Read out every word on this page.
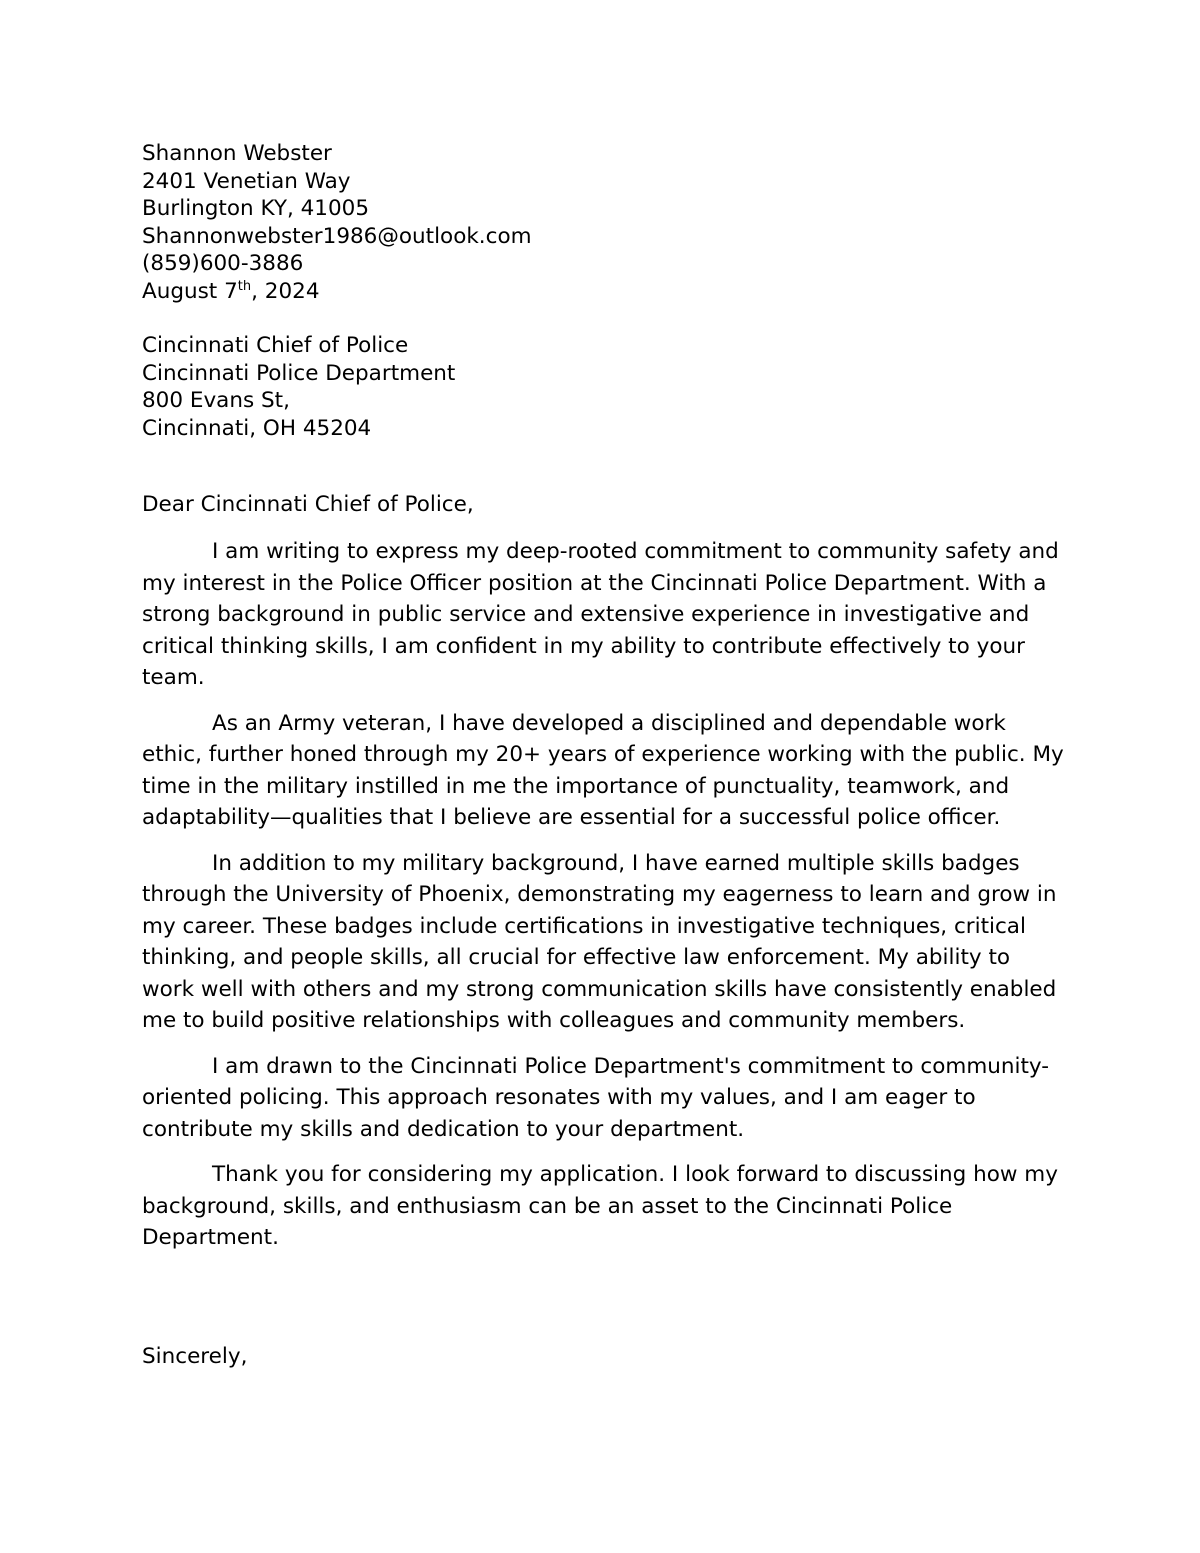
Shannon Webster
2401 Venetian Way
Burlington KY, 41005
Shannonwebster1986@outlook.com
(859)600-3886
August 7th, 2024
Cincinnati Chief of Police
Cincinnati Police Department
800 Evans St,
Cincinnati, OH 45204
Dear Cincinnati Chief of Police,

I am writing to express my deep-rooted commitment to community safety and my interest in the Police Officer position at the Cincinnati Police Department. With a strong background in public service and extensive experience in investigative and critical thinking skills, I am confident in my ability to contribute effectively to your team.

As an Army veteran, I have developed a disciplined and dependable work ethic, further honed through my 20+ years of experience working with the public. My time in the military instilled in me the importance of punctuality, teamwork, and adaptability—qualities that I believe are essential for a successful police officer.

In addition to my military background, I have earned multiple skills badges through the University of Phoenix, demonstrating my eagerness to learn and grow in my career. These badges include certifications in investigative techniques, critical thinking, and people skills, all crucial for effective law enforcement. My ability to work well with others and my strong communication skills have consistently enabled me to build positive relationships with colleagues and community members.

I am drawn to the Cincinnati Police Department's commitment to community-oriented policing. This approach resonates with my values, and I am eager to contribute my skills and dedication to your department.

Thank you for considering my application. I look forward to discussing how my background, skills, and enthusiasm can be an asset to the Cincinnati Police Department.

Sincerely,
